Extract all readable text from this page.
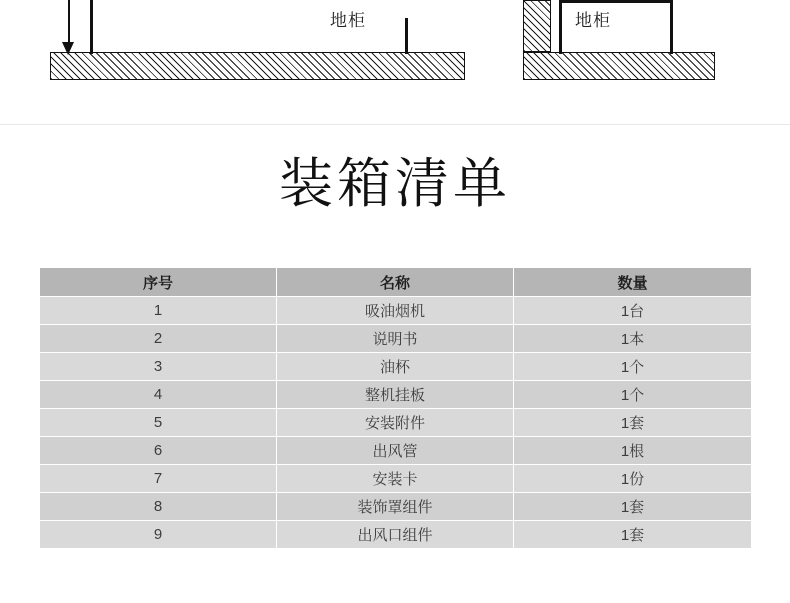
地柜	地柜
装箱清单
序号	名称	数量
1	吸油烟机	1台
2	说明书	1本
3	油杯	1个
4	整机挂板	1个
5	安装附件	1套
6	出风管	1根
7	安装卡	1份
8	装饰罩组件	1套
9	出风口组件	1套
